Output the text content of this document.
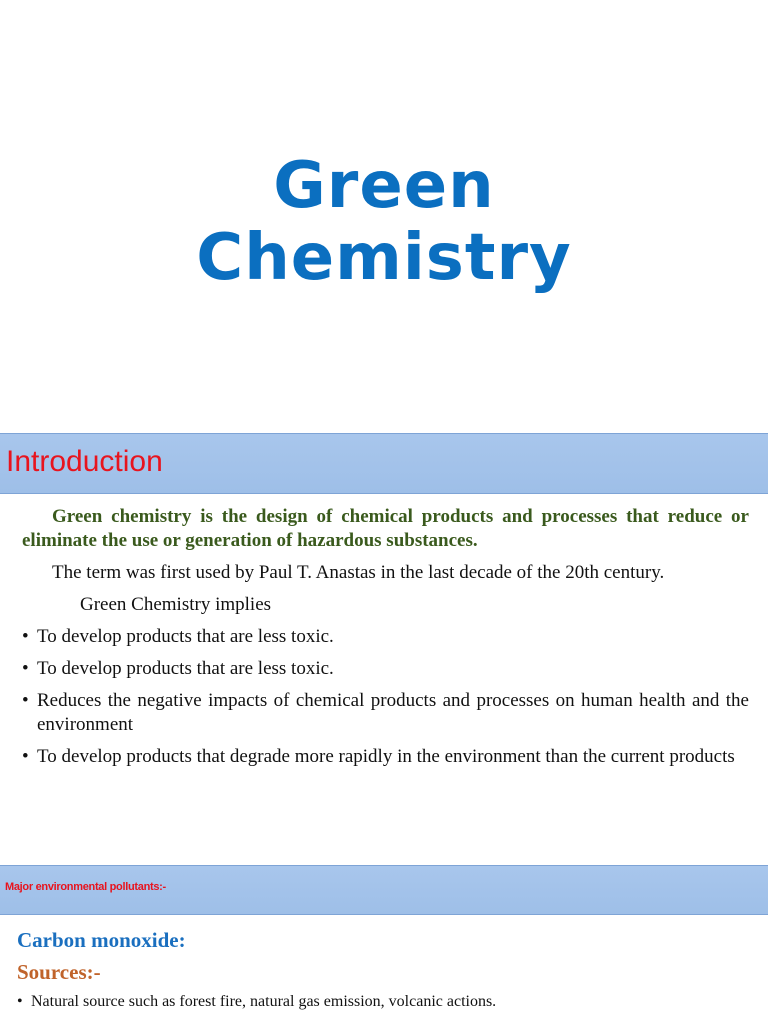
Green
Chemistry
Introduction

Green chemistry is the design of chemical products and processes that reduce or eliminate the use or generation of hazardous substances.

The term was first used by Paul T. Anastas in the last decade of the 20th century.

Green Chemistry implies

• To develop products that are less toxic.
• To develop products that are less toxic.
• Reduces the negative impacts of chemical products and processes on human health and the environment
• To develop products that degrade more rapidly in the environment than the current products
Major environmental pollutants:-
Carbon monoxide:
Sources:-
• Natural source such as forest fire, natural gas emission, volcanic actions.
